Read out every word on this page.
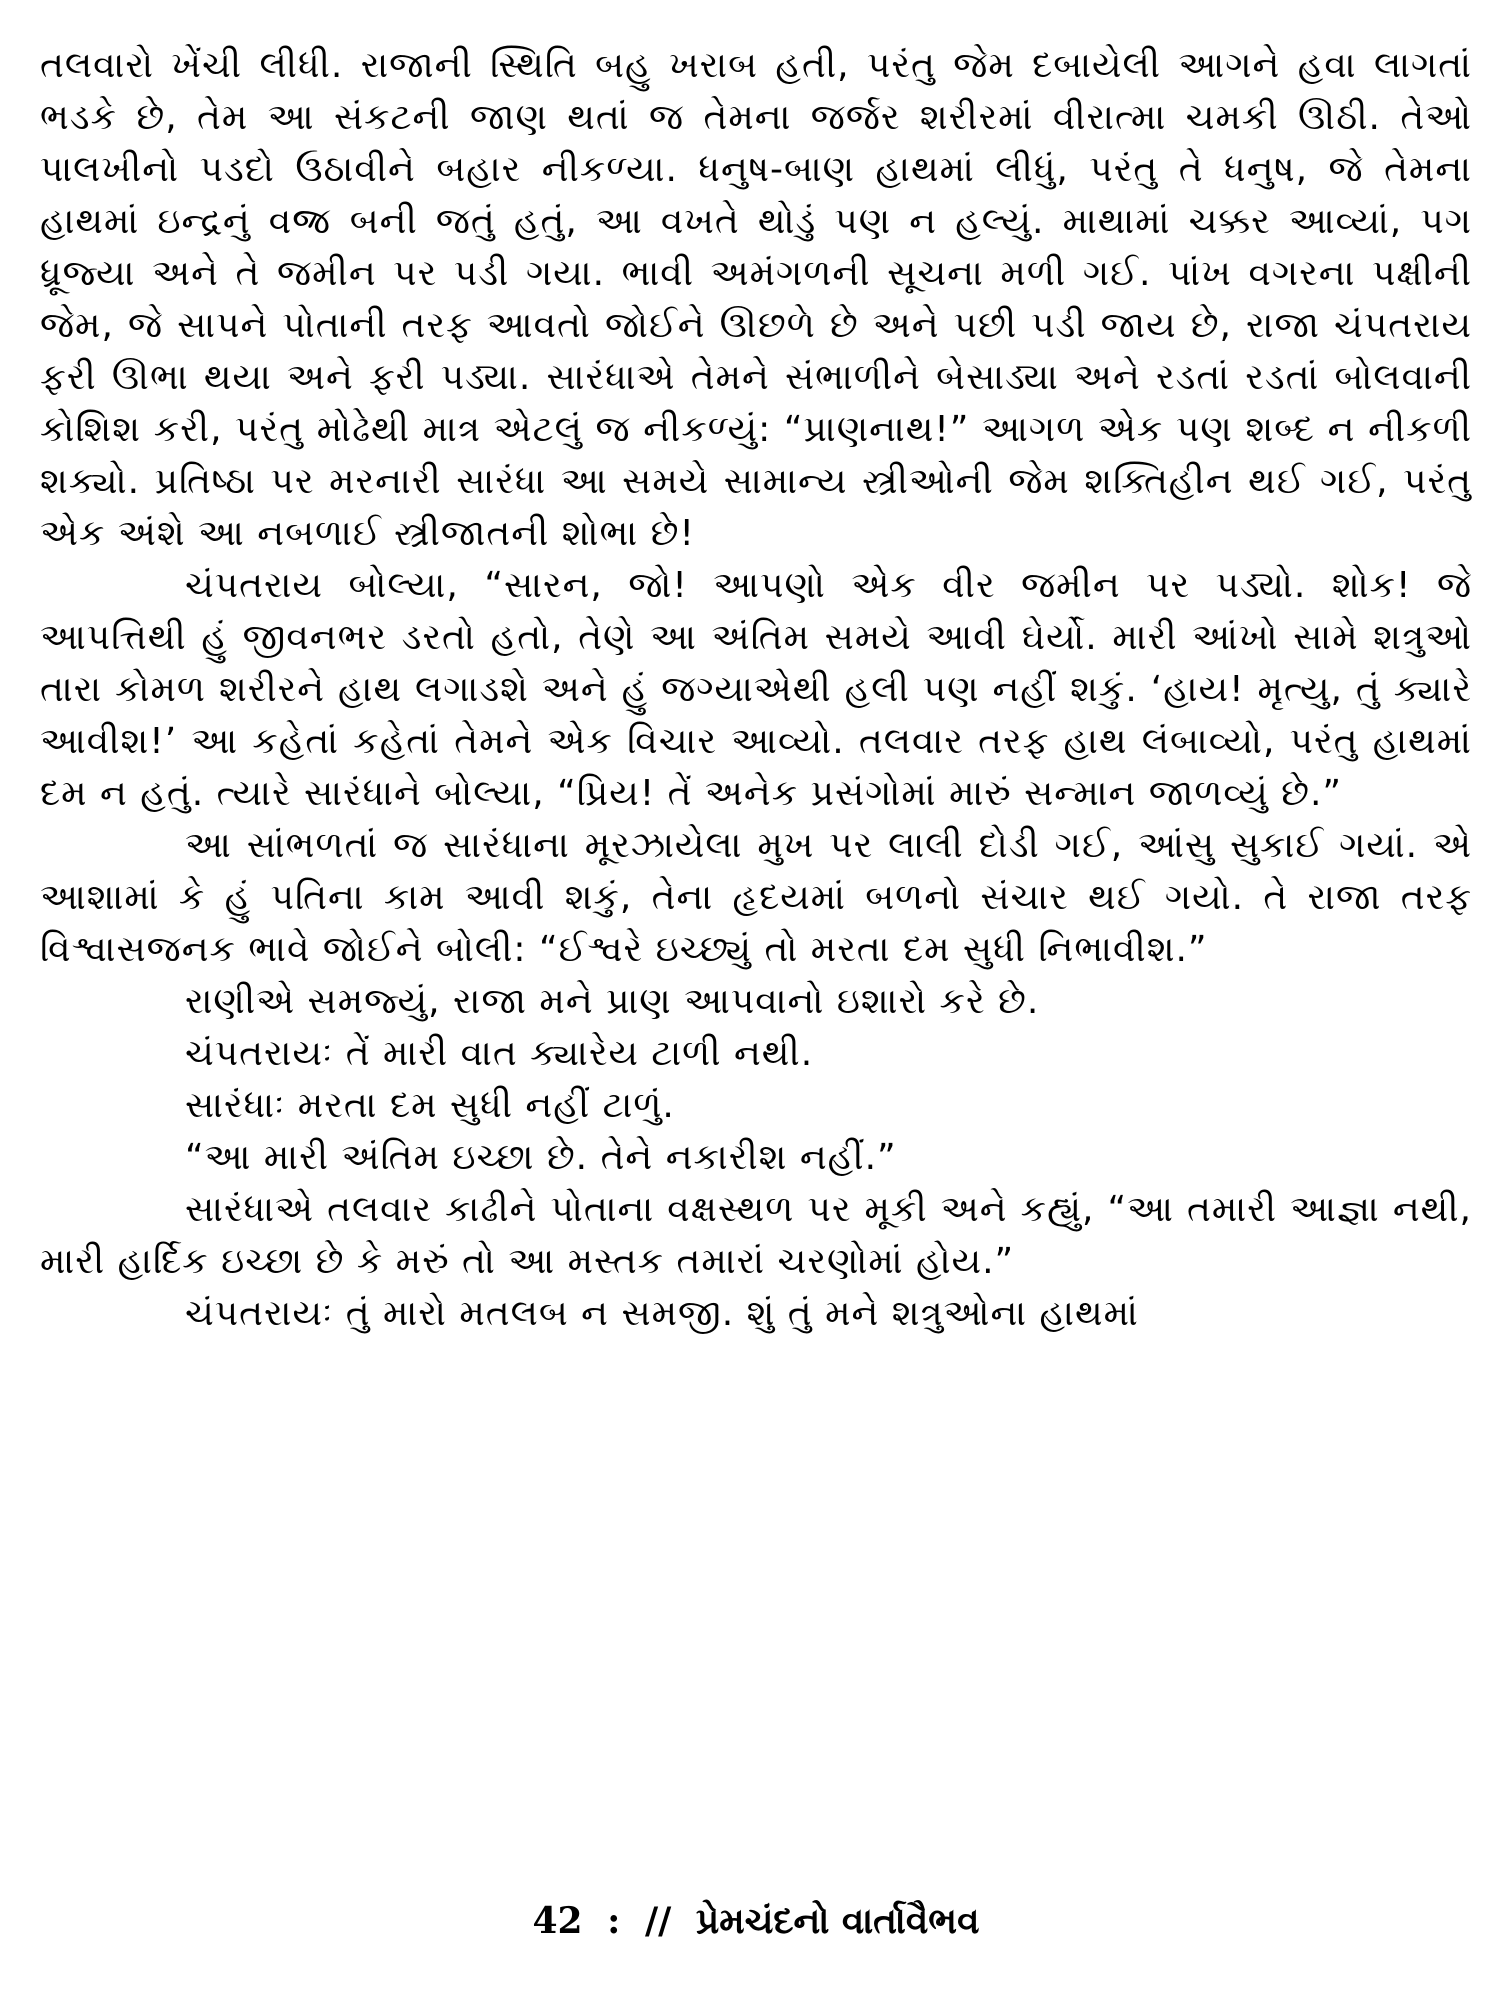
તલવારો ખેંચી લીધી. રાજાની સ્થિતિ બહુ ખરાબ હતી, પરંતુ જેમ દબાયેલી આગને હવા લાગતાં ભડકે છે, તેમ આ સંકટની જાણ થતાં જ તેમના જર્જર શરીરમાં વીરાત્મા ચમકી ઊઠી. તેઓ પાલખીનો પડદો ઉઠાવીને બહાર નીકળ્યા. ધનુષ-બાણ હાથમાં લીધું, પરંતુ તે ધનુષ, જે તેમના હાથમાં ઇન્દ્રનું વજ્ર બની જતું હતું, આ વખતે થોડું પણ ન હલ્યું. માથામાં ચક્કર આવ્યાં, પગ ધ્રૂજ્યા અને તે જમીન પર પડી ગયા. ભાવી અમંગળની સૂચના મળી ગઈ. પાંખ વગરના પક્ષીની જેમ, જે સાપને પોતાની તરફ આવતો જોઈને ઊછળે છે અને પછી પડી જાય છે, રાજા ચંપતરાય ફરી ઊભા થયા અને ફરી પડ્યા. સારંધાએ તેમને સંભાળીને બેસાડ્યા અને રડતાં રડતાં બોલવાની કોશિશ કરી, પરંતુ મોઢેથી માત્ર એટલું જ નીકળ્યું: “પ્રાણનાથ!” આગળ એક પણ શબ્દ ન નીકળી શક્યો. પ્રતિષ્ઠા પર મરનારી સારંધા આ સમયે સામાન્ય સ્ત્રીઓની જેમ શક્તિહીન થઈ ગઈ, પરંતુ એક અંશે આ નબળાઈ સ્ત્રીજાતની શોભા છે!

ચંપતરાય બોલ્યા, “સારન, જો! આપણો એક વીર જમીન પર પડ્યો. શોક! જે આપત્તિથી હું જીવનભર ડરતો હતો, તેણે આ અંતિમ સમયે આવી ઘેર્યો. મારી આંખો સામે શત્રુઓ તારા કોમળ શરીરને હાથ લગાડશે અને હું જગ્યાએથી હલી પણ નહીં શકું. ‘હાય! મૃત્યુ, તું ક્યારે આવીશ!’ આ કહેતાં કહેતાં તેમને એક વિચાર આવ્યો. તલવાર તરફ હાથ લંબાવ્યો, પરંતુ હાથમાં દમ ન હતું. ત્યારે સારંધાને બોલ્યા, “પ્રિય! તેં અનેક પ્રસંગોમાં મારું સન્માન જાળવ્યું છે.”

આ સાંભળતાં જ સારંધાના મૂરઝાયેલા મુખ પર લાલી દોડી ગઈ, આંસુ સુકાઈ ગયાં. એ આશામાં કે હું પતિના કામ આવી શકું, તેના હૃદયમાં બળનો સંચાર થઈ ગયો. તે રાજા તરફ વિશ્વાસજનક ભાવે જોઈને બોલી: “ઈશ્વરે ઇચ્છ્યું તો મરતા દમ સુધી નિભાવીશ.”

રાણીએ સમજ્યું, રાજા મને પ્રાણ આપવાનો ઇશારો કરે છે.

ચંપતરાયઃ તેં મારી વાત ક્યારેય ટાળી નથી.

સારંધાઃ મરતા દમ સુધી નહીં ટાળું.

“આ મારી અંતિમ ઇચ્છા છે. તેને નકારીશ નહીં.”

સારંધાએ તલવાર કાઢીને પોતાના વક્ષસ્થળ પર મૂકી અને કહ્યું, “આ તમારી આજ્ઞા નથી, મારી હાર્દિક ઇચ્છા છે કે મરું તો આ મસ્તક તમારાં ચરણોમાં હોય.”

ચંપતરાયઃ તું મારો મતલબ ન સમજી. શું તું મને શત્રુઓના હાથમાં

42 : // પ્રેમચંદનો વાર્તાવૈભવ
